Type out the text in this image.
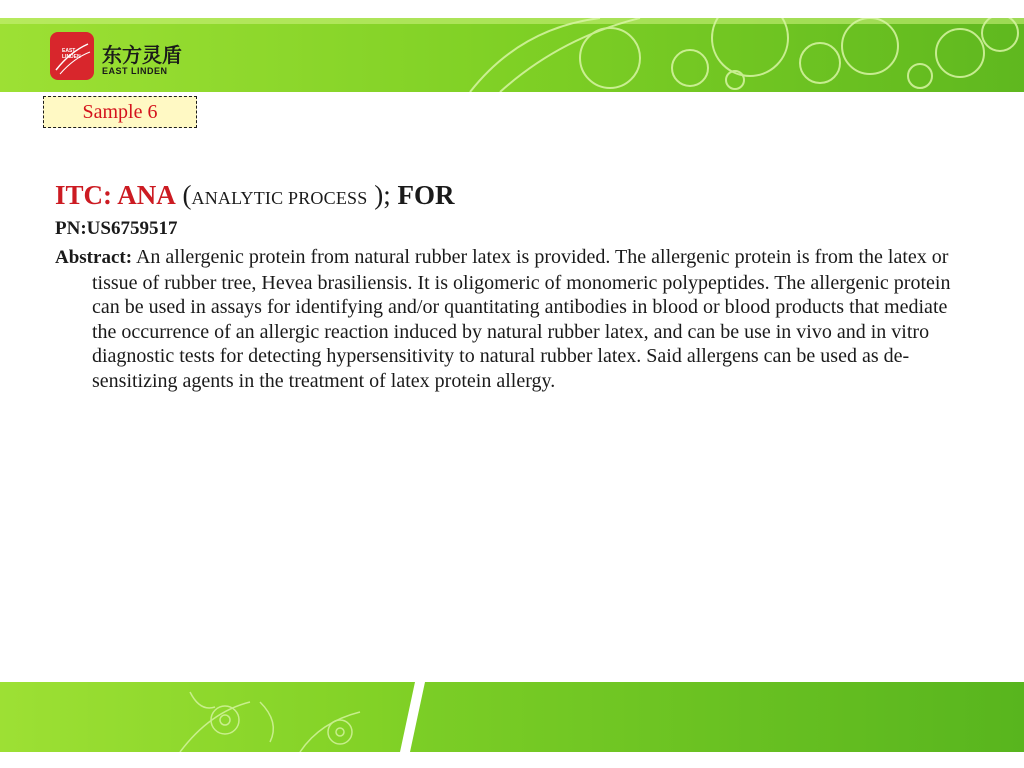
EAST
LINDEN 东方灵盾
EAST LINDEN
Sample 6
ITC: ANA (ANALYTIC PROCESS ); FOR
PN:US6759517

Abstract: An allergenic protein from natural rubber latex is provided. The allergenic protein is from the latex or tissue of rubber tree, Hevea brasiliensis. It is oligomeric of monomeric polypeptides. The allergenic protein can be used in assays for identifying and/or quantitating antibodies in blood or blood products that mediate the occurrence of an allergic reaction induced by natural rubber latex, and can be use in vivo and in vitro diagnostic tests for detecting hypersensitivity to natural rubber latex. Said allergens can be used as de-sensitizing agents in the treatment of latex protein allergy.
